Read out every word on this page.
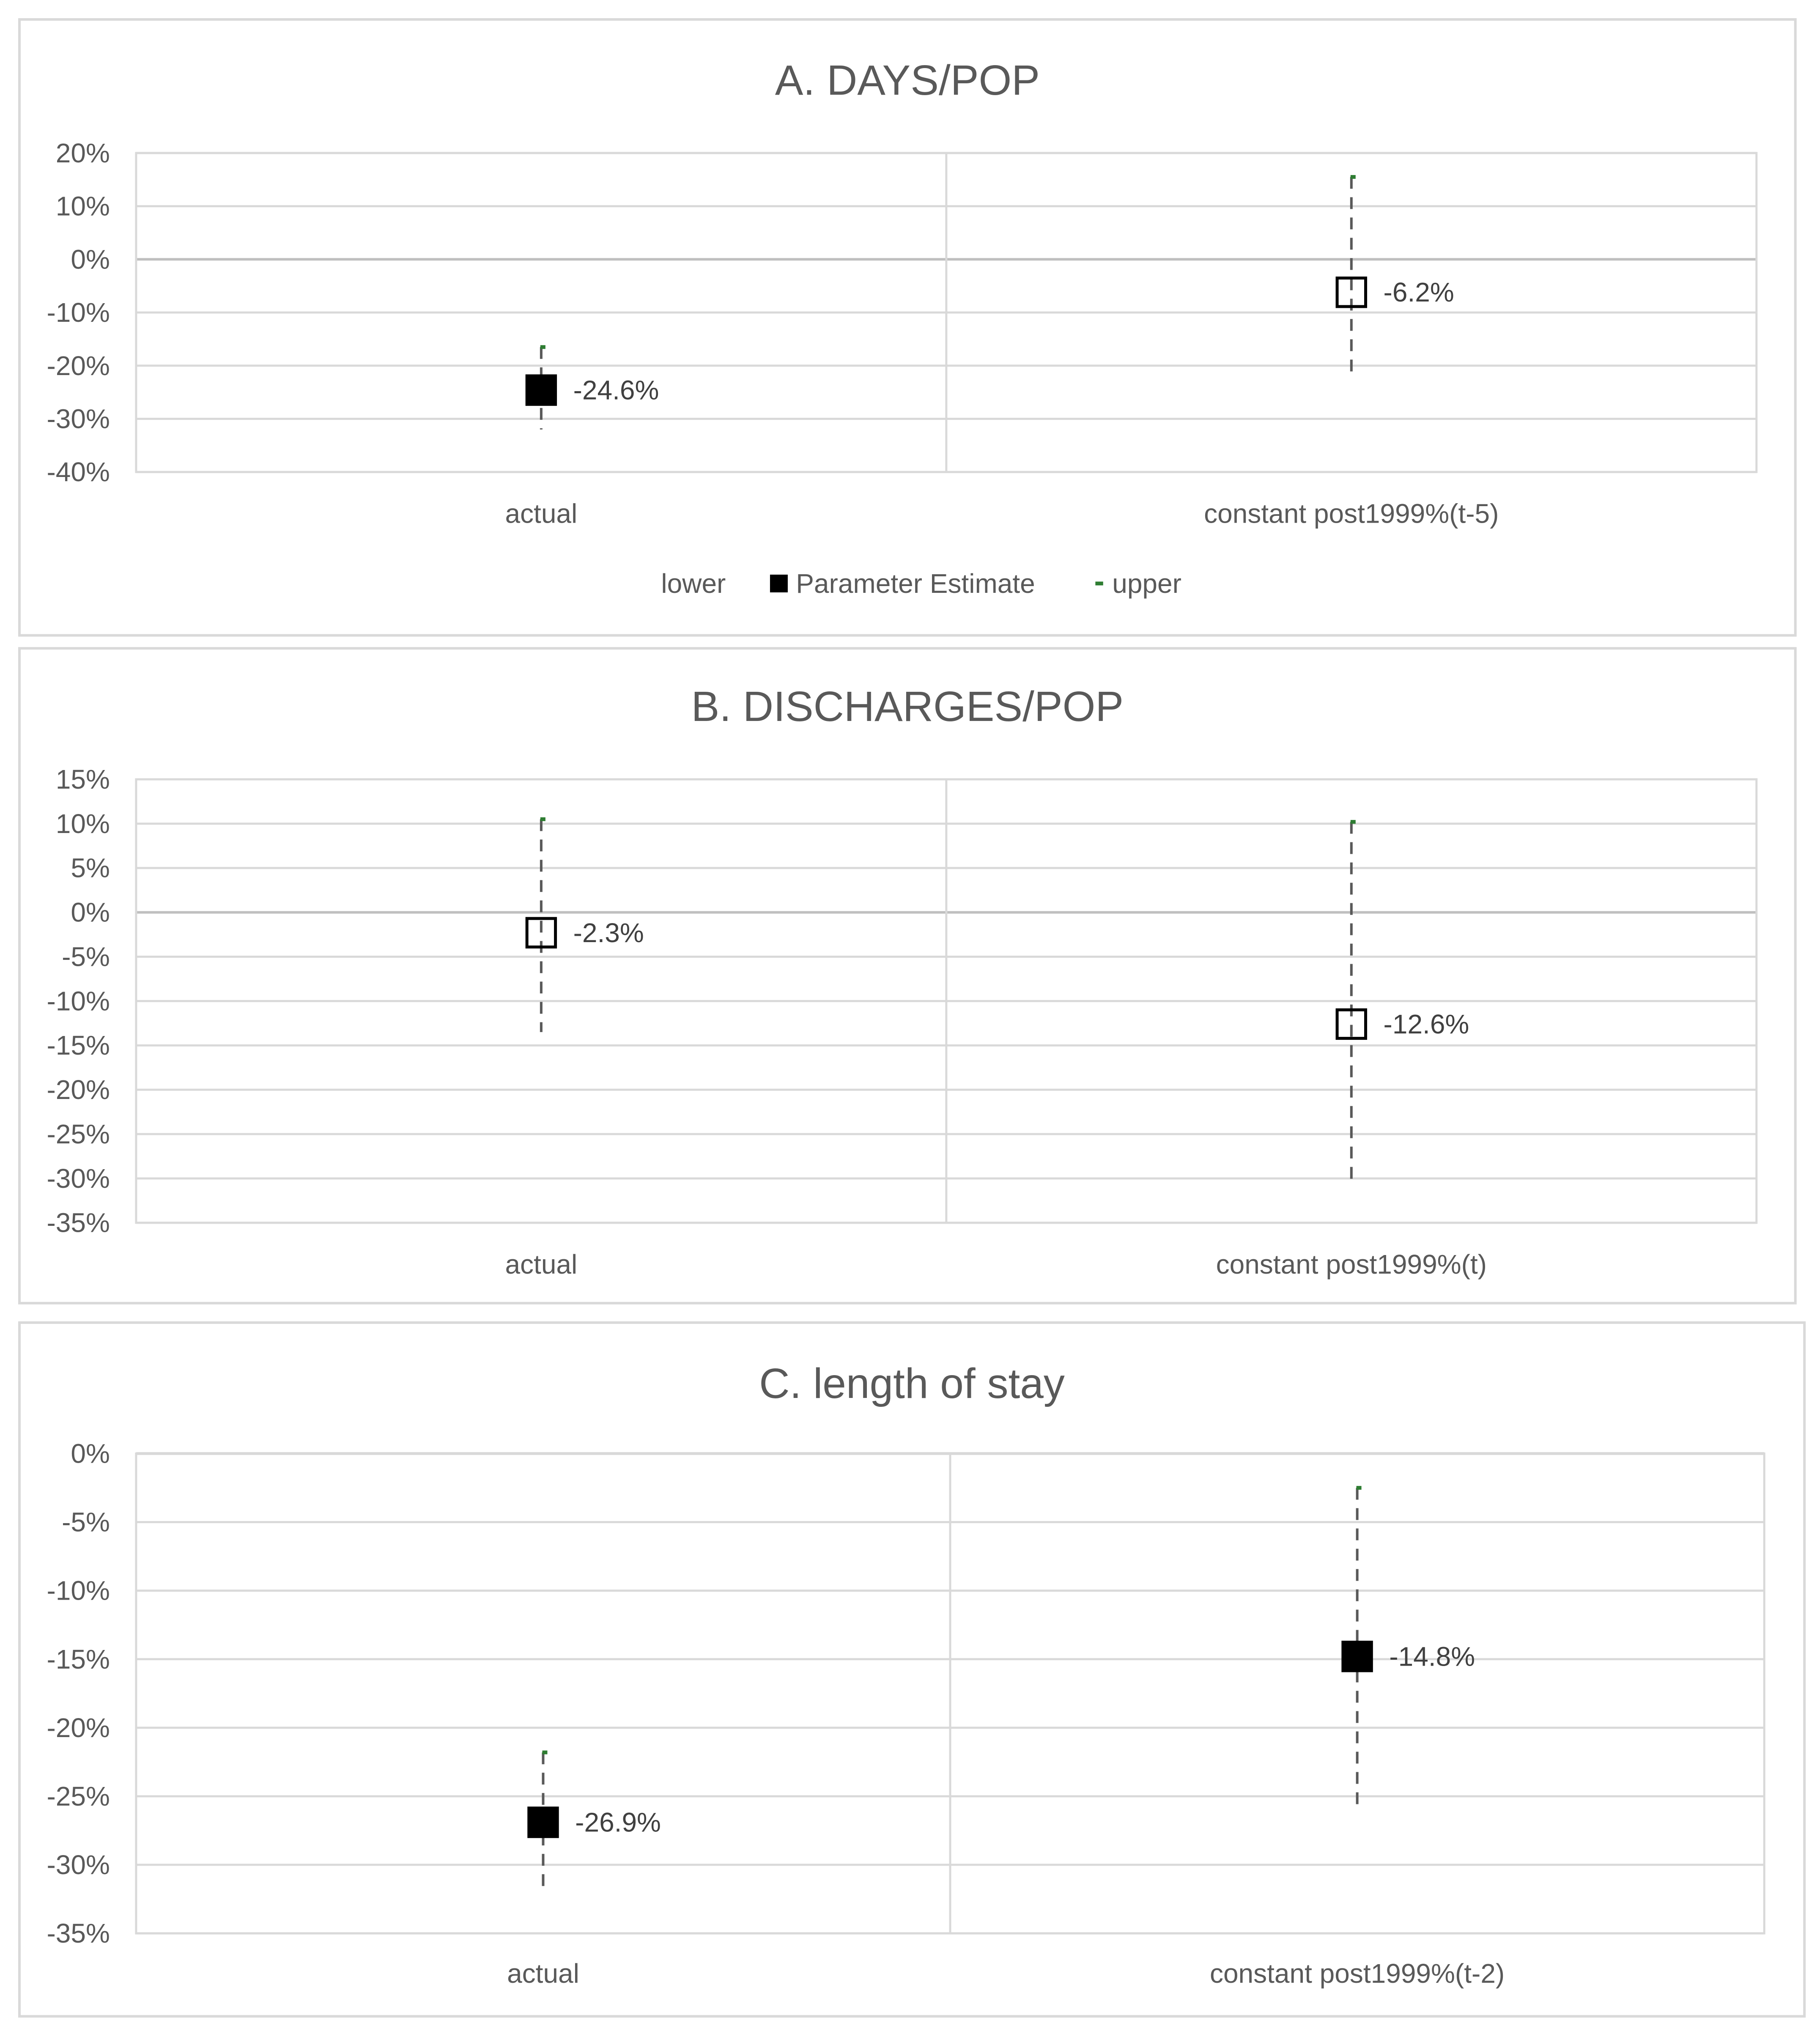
A. DAYS/POP
20%
10%
0%
-10%
-20%
-30%
-40%
actual	constant post1999%(t-5)
-24.6%
-6.2%
lower	Parameter Estimate	upper
B. DISCHARGES/POP
15%
10%
5%
0%
-5%
-10%
-15%
-20%
-25%
-30%
-35%
actual	constant post1999%(t)
-2.3%
-12.6%
C. length of stay
0%
-5%
-10%
-15%
-20%
-25%
-30%
-35%
actual	constant post1999%(t-2)
-26.9%
-14.8%
